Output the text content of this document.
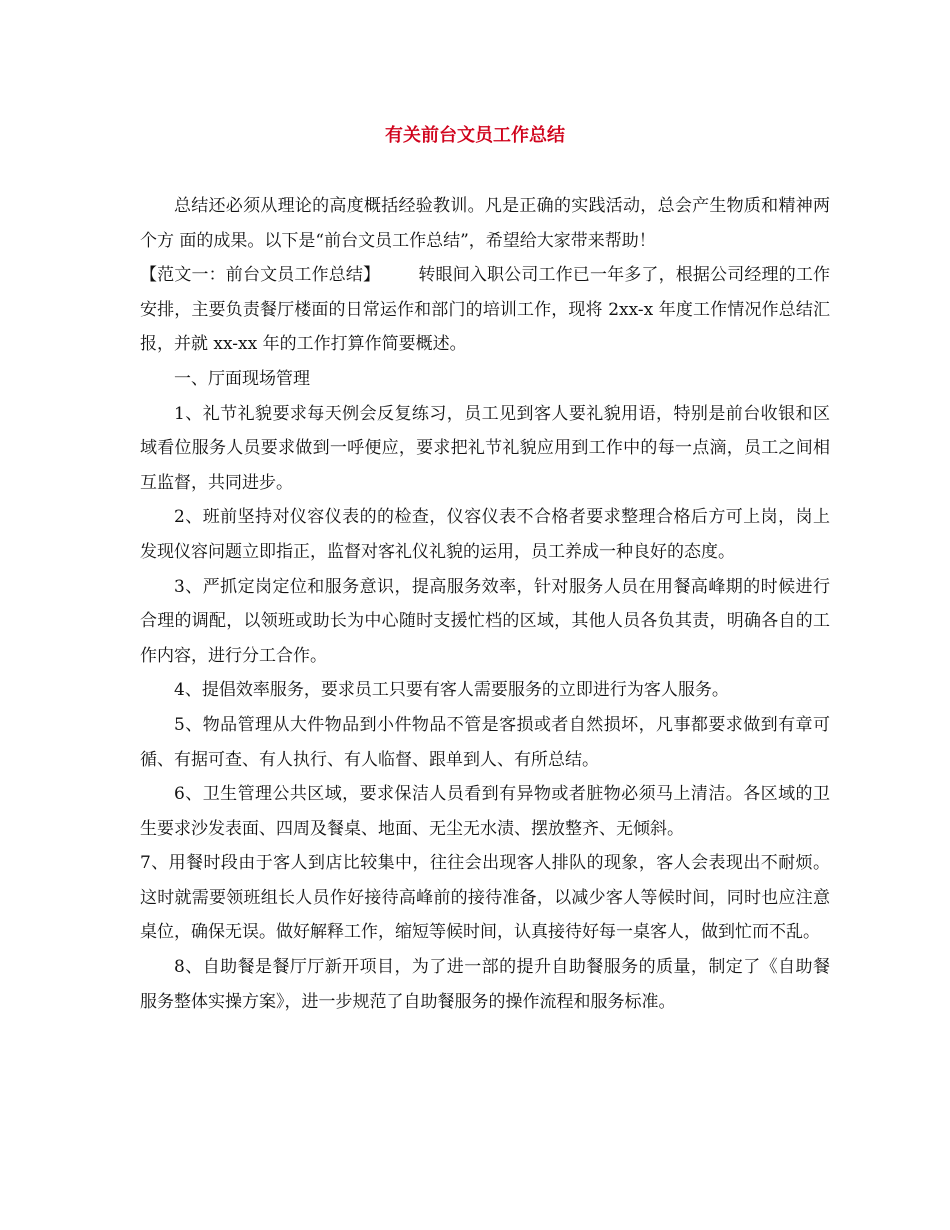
有关前台文员工作总结

总结还必须从理论的高度概括经验教训。凡是正确的实践活动，总会产生物质和精神两个方 面的成果。以下是“前台文员工作总结”，希望给大家带来帮助！

【范文一：前台文员工作总结】 转眼间入职公司工作已一年多了，根据公司经理的工作安排，主要负责餐厅楼面的日常运作和部门的培训工作，现将 2xx-x 年度工作情况作总结汇报，并就 xx-xx 年的工作打算作简要概述。

一、厅面现场管理

1、礼节礼貌要求每天例会反复练习，员工见到客人要礼貌用语，特别是前台收银和区域看位服务人员要求做到一呼便应，要求把礼节礼貌应用到工作中的每一点滴，员工之间相互监督，共同进步。

2、班前坚持对仪容仪表的的检查，仪容仪表不合格者要求整理合格后方可上岗，岗上发现仪容问题立即指正，监督对客礼仪礼貌的运用，员工养成一种良好的态度。

3、严抓定岗定位和服务意识，提高服务效率，针对服务人员在用餐高峰期的时候进行合理的调配，以领班或助长为中心随时支援忙档的区域，其他人员各负其责，明确各自的工作内容，进行分工合作。

4、提倡效率服务，要求员工只要有客人需要服务的立即进行为客人服务。

5、物品管理从大件物品到小件物品不管是客损或者自然损坏，凡事都要求做到有章可循、有据可查、有人执行、有人临督、跟单到人、有所总结。

6、卫生管理公共区域，要求保洁人员看到有异物或者脏物必须马上清洁。各区域的卫生要求沙发表面、四周及餐桌、地面、无尘无水渍、摆放整齐、无倾斜。

7、用餐时段由于客人到店比较集中，往往会出现客人排队的现象，客人会表现出不耐烦。这时就需要领班组长人员作好接待高峰前的接待准备，以减少客人等候时间，同时也应注意桌位，确保无误。做好解释工作，缩短等候时间，认真接待好每一桌客人，做到忙而不乱。

8、自助餐是餐厅厅新开项目，为了进一部的提升自助餐服务的质量，制定了《自助餐服务整体实操方案》，进一步规范了自助餐服务的操作流程和服务标准。
